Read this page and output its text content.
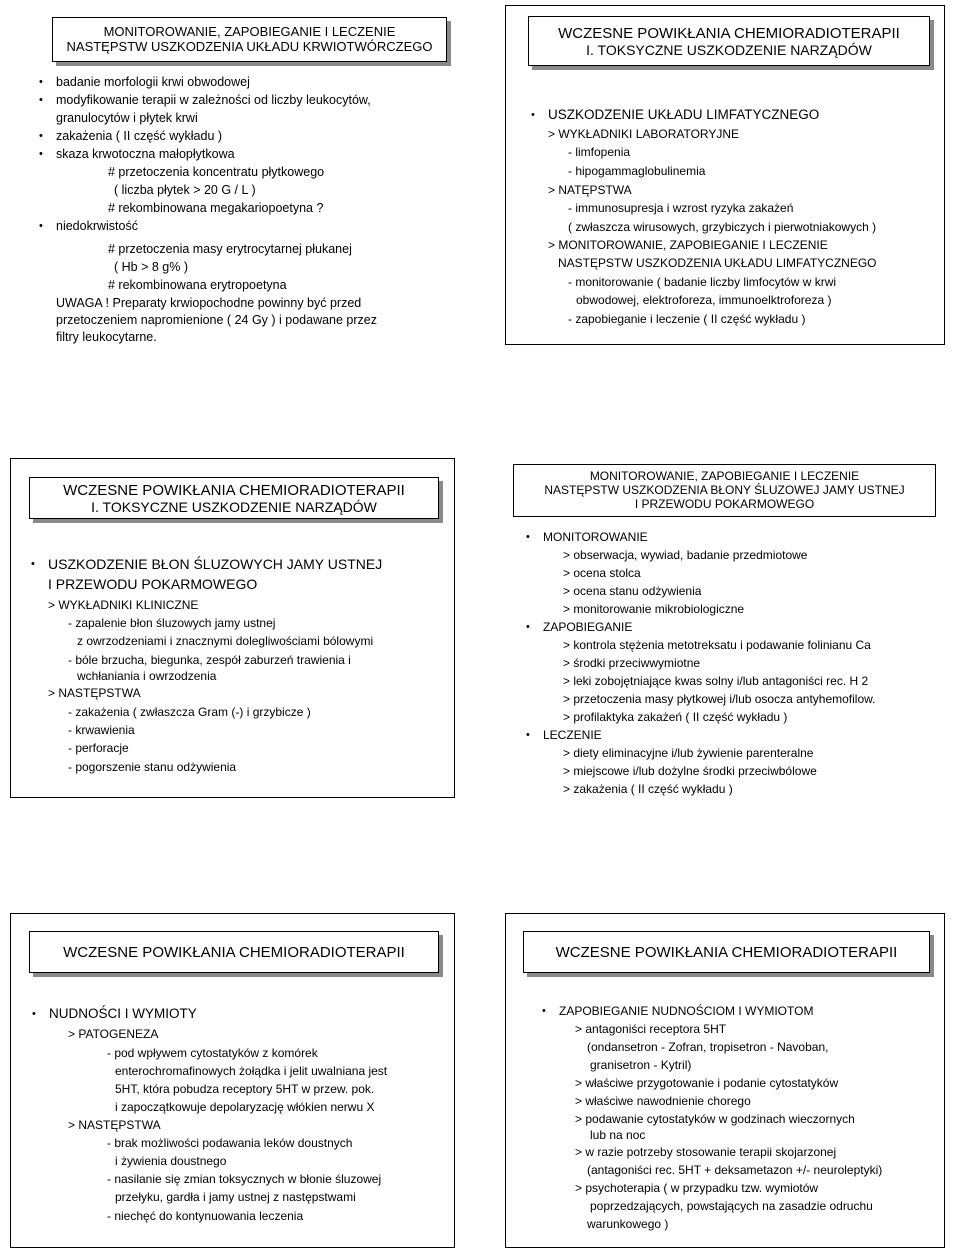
MONITOROWANIE, ZAPOBIEGANIE I LECZENIE
NASTĘPSTW USZKODZENIA UKŁADU KRWIOTWÓRCZEGO
• badanie morfologii krwi obwodowej
• modyfikowanie terapii w zależności od liczby leukocytów,
granulocytów i płytek krwi
• zakażenia ( II część wykładu )
• skaza krwotoczna małopłytkowa
# przetoczenia koncentratu płytkowego
( liczba płytek > 20 G / L )
# rekombinowana megakariopoetyna ?
• niedokrwistość
# przetoczenia masy erytrocytarnej płukanej
( Hb > 8 g% )
# rekombinowana erytropoetyna
UWAGA ! Preparaty krwiopochodne powinny być przed
przetoczeniem napromienione ( 24 Gy ) i podawane przez
filtry leukocytarne.
WCZESNE POWIKŁANIA CHEMIORADIOTERAPII
I. TOKSYCZNE USZKODZENIE NARZĄDÓW
• USZKODZENIE UKŁADU LIMFATYCZNEGO
> WYKŁADNIKI LABORATORYJNE
- limfopenia
- hipogammaglobulinemia
> NATĘPSTWA
- immunosupresja i wzrost ryzyka zakażeń
( zwłaszcza wirusowych, grzybiczych i pierwotniakowych )
> MONITOROWANIE, ZAPOBIEGANIE I LECZENIE
NASTĘPSTW USZKODZENIA UKŁADU LIMFATYCZNEGO
- monitorowanie ( badanie liczby limfocytów w krwi
obwodowej, elektroforeza, immunoelktroforeza )
- zapobieganie i leczenie ( II część wykładu )
WCZESNE POWIKŁANIA CHEMIORADIOTERAPII
I. TOKSYCZNE USZKODZENIE NARZĄDÓW
• USZKODZENIE BŁON ŚLUZOWYCH JAMY USTNEJ
I PRZEWODU POKARMOWEGO
> WYKŁADNIKI KLINICZNE
- zapalenie błon śluzowych jamy ustnej
z owrzodzeniami i znacznymi dolegliwościami bólowymi
- bóle brzucha, biegunka, zespół zaburzeń trawienia i
wchłaniania i owrzodzenia
> NASTĘPSTWA
- zakażenia ( zwłaszcza Gram (-) i grzybicze )
- krwawienia
- perforacje
- pogorszenie stanu odżywienia
MONITOROWANIE, ZAPOBIEGANIE I LECZENIE
NASTĘPSTW USZKODZENIA BŁONY ŚLUZOWEJ JAMY USTNEJ
I PRZEWODU POKARMOWEGO
• MONITOROWANIE
> obserwacja, wywiad, badanie przedmiotowe
> ocena stolca
> ocena stanu odżywienia
> monitorowanie mikrobiologiczne
• ZAPOBIEGANIE
> kontrola stężenia metotreksatu i podawanie folinianu Ca
> środki przeciwwymiotne
> leki zobojętniające kwas solny i/lub antagoniści rec. H 2
> przetoczenia masy płytkowej i/lub osocza antyhemofilow.
> profilaktyka zakażeń ( II część wykładu )
• LECZENIE
> diety eliminacyjne i/lub żywienie parenteralne
> miejscowe i/lub dożylne środki przeciwbólowe
> zakażenia ( II część wykładu )
WCZESNE POWIKŁANIA CHEMIORADIOTERAPII
• NUDNOŚCI I WYMIOTY
> PATOGENEZA
- pod wpływem cytostatyków z komórek
enterochromafinowych żołądka i jelit uwalniana jest
5HT, która pobudza receptory 5HT w przew. pok.
i zapoczątkowuje depolaryzację włókien nerwu X
> NASTĘPSTWA
- brak możliwości podawania leków doustnych
i żywienia doustnego
- nasilanie się zmian toksycznych w błonie śluzowej
przełyku, gardła i jamy ustnej z następstwami
- niechęć do kontynuowania leczenia
WCZESNE POWIKŁANIA CHEMIORADIOTERAPII
• ZAPOBIEGANIE NUDNOŚCIOM I WYMIOTOM
> antagoniści receptora 5HT
(ondansetron - Zofran, tropisetron - Navoban,
granisetron - Kytril)
> właściwe przygotowanie i podanie cytostatyków
> właściwe nawodnienie chorego
> podawanie cytostatyków w godzinach wieczornych
lub na noc
> w razie potrzeby stosowanie terapii skojarzonej
(antagoniści rec. 5HT + deksametazon +/- neuroleptyki)
> psychoterapia ( w przypadku tzw. wymiotów
poprzedzających, powstających na zasadzie odruchu
warunkowego )
